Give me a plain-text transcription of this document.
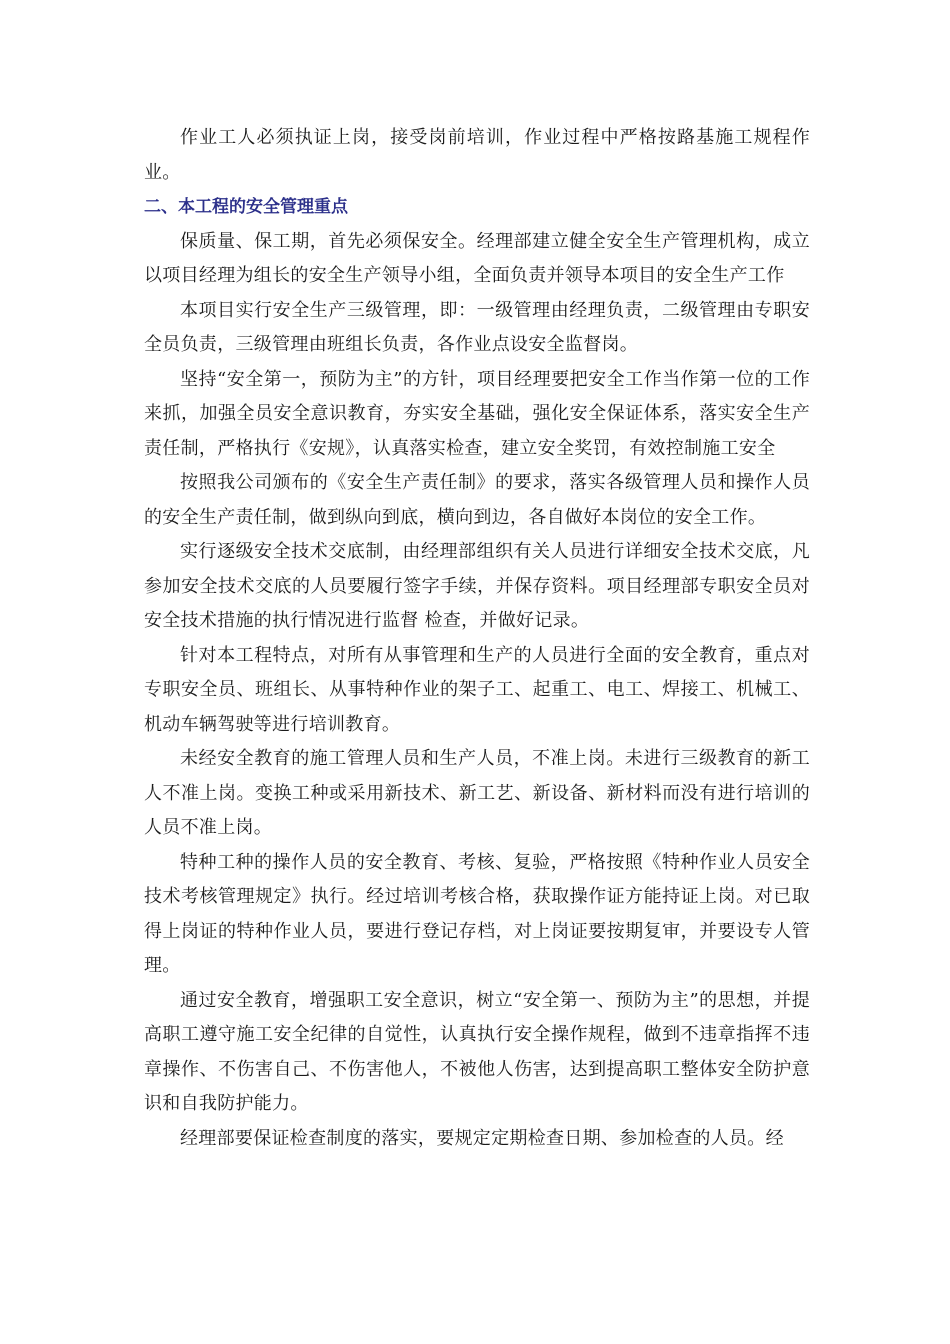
作业工人必须执证上岗，接受岗前培训，作业过程中严格按路基施工规程作业。

二、本工程的安全管理重点

保质量、保工期，首先必须保安全。经理部建立健全安全生产管理机构，成立以项目经理为组长的安全生产领导小组，全面负责并领导本项目的安全生产工作

本项目实行安全生产三级管理，即：一级管理由经理负责，二级管理由专职安全员负责，三级管理由班组长负责，各作业点设安全监督岗。

坚持“安全第一，预防为主”的方针，项目经理要把安全工作当作第一位的工作来抓，加强全员安全意识教育，夯实安全基础，强化安全保证体系，落实安全生产责任制，严格执行《安规》，认真落实检查，建立安全奖罚，有效控制施工安全

按照我公司颁布的《安全生产责任制》的要求，落实各级管理人员和操作人员的安全生产责任制，做到纵向到底，横向到边，各自做好本岗位的安全工作。

实行逐级安全技术交底制，由经理部组织有关人员进行详细安全技术交底，凡参加安全技术交底的人员要履行签字手续，并保存资料。项目经理部专职安全员对安全技术措施的执行情况进行监督 检查，并做好记录。

针对本工程特点，对所有从事管理和生产的人员进行全面的安全教育，重点对专职安全员、班组长、从事特种作业的架子工、起重工、电工、焊接工、机械工、机动车辆驾驶等进行培训教育。

未经安全教育的施工管理人员和生产人员，不准上岗。未进行三级教育的新工人不准上岗。变换工种或采用新技术、新工艺、新设备、新材料而没有进行培训的人员不准上岗。

特种工种的操作人员的安全教育、考核、复验，严格按照《特种作业人员安全技术考核管理规定》执行。经过培训考核合格，获取操作证方能持证上岗。对已取得上岗证的特种作业人员，要进行登记存档，对上岗证要按期复审，并要设专人管理。

通过安全教育，增强职工安全意识，树立“安全第一、预防为主”的思想，并提高职工遵守施工安全纪律的自觉性，认真执行安全操作规程，做到不违章指挥不违章操作、不伤害自己、不伤害他人，不被他人伤害，达到提高职工整体安全防护意识和自我防护能力。

经理部要保证检查制度的落实，要规定定期检查日期、参加检查的人员。经
